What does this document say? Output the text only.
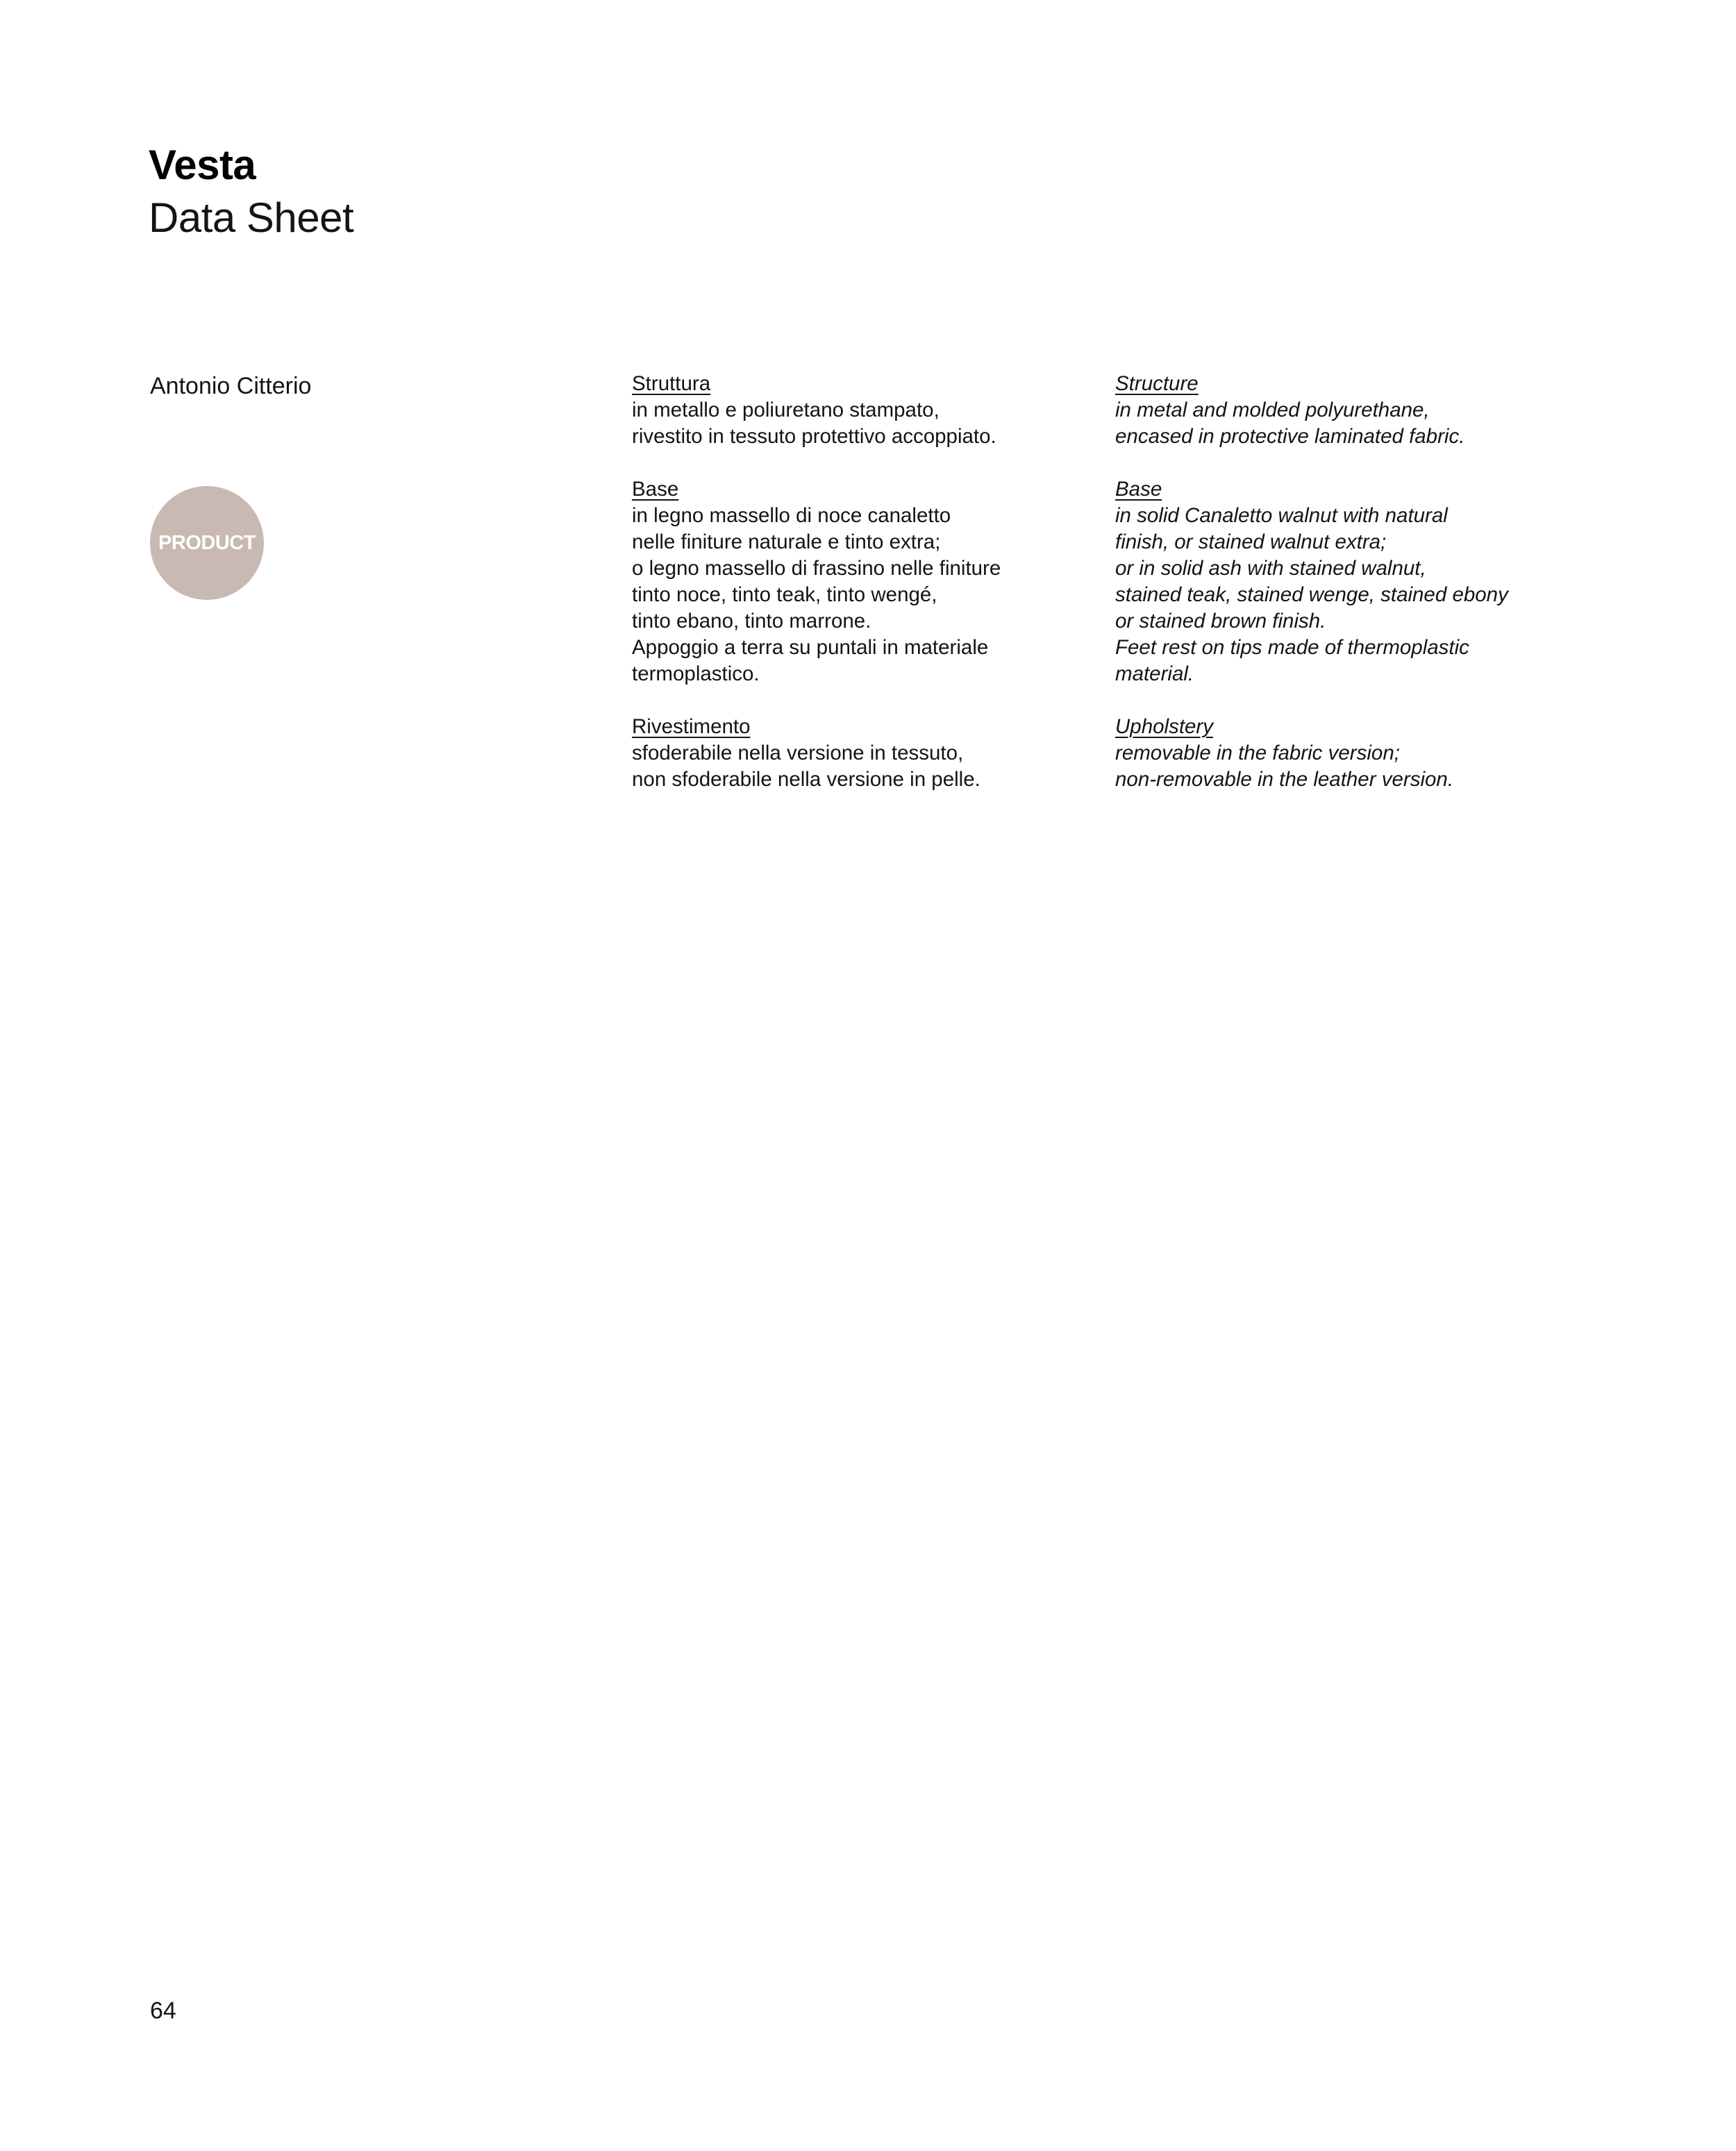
Vesta
Data Sheet
Antonio Citterio
PRODUCT
Struttura
in metallo e poliuretano stampato,
rivestito in tessuto protettivo accoppiato.
Base
in legno massello di noce canaletto
nelle finiture naturale e tinto extra;
o legno massello di frassino nelle finiture
tinto noce, tinto teak, tinto wengé,
tinto ebano, tinto marrone.
Appoggio a terra su puntali in materiale
termoplastico.
Rivestimento
sfoderabile nella versione in tessuto,
non sfoderabile nella versione in pelle.
Structure
in metal and molded polyurethane,
encased in protective laminated fabric.
Base
in solid Canaletto walnut with natural
finish, or stained walnut extra;
or in solid ash with stained walnut,
stained teak, stained wenge, stained ebony
or stained brown finish.
Feet rest on tips made of thermoplastic
material.
Upholstery
removable in the fabric version;
non-removable in the leather version.
64
